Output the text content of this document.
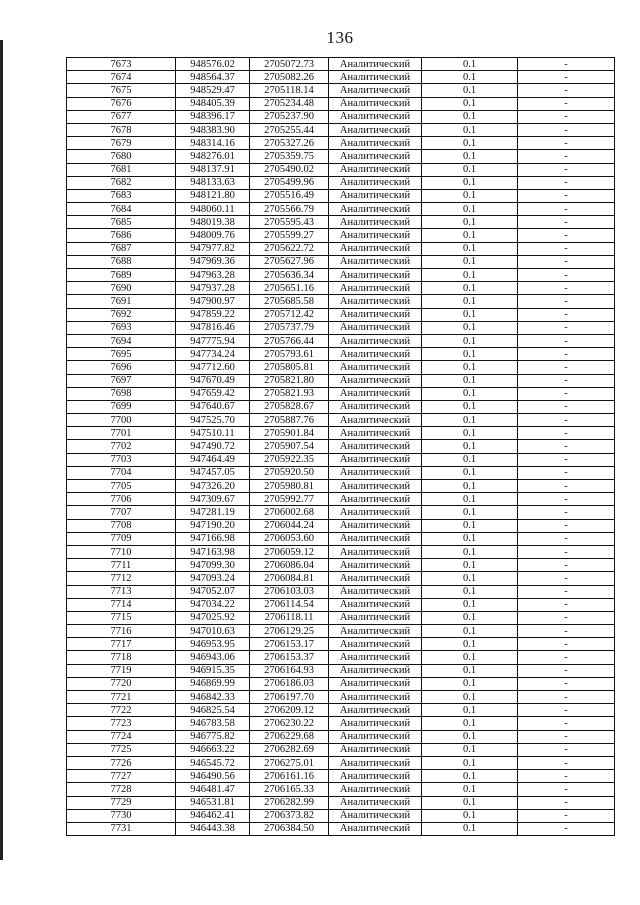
136
7673	948576.02	2705072.73	Аналитический	0.1	-
7674	948564.37	2705082.26	Аналитический	0.1	-
7675	948529.47	2705118.14	Аналитический	0.1	-
7676	948405.39	2705234.48	Аналитический	0.1	-
7677	948396.17	2705237.90	Аналитический	0.1	-
7678	948383.90	2705255.44	Аналитический	0.1	-
7679	948314.16	2705327.26	Аналитический	0.1	-
7680	948276.01	2705359.75	Аналитический	0.1	-
7681	948137.91	2705490.02	Аналитический	0.1	-
7682	948133.63	2705499.96	Аналитический	0.1	-
7683	948121.80	2705516.49	Аналитический	0.1	-
7684	948060.11	2705566.79	Аналитический	0.1	-
7685	948019.38	2705595.43	Аналитический	0.1	-
7686	948009.76	2705599.27	Аналитический	0.1	-
7687	947977.82	2705622.72	Аналитический	0.1	-
7688	947969.36	2705627.96	Аналитический	0.1	-
7689	947963.28	2705636.34	Аналитический	0.1	-
7690	947937.28	2705651.16	Аналитический	0.1	-
7691	947900.97	2705685.58	Аналитический	0.1	-
7692	947859.22	2705712.42	Аналитический	0.1	-
7693	947816.46	2705737.79	Аналитический	0.1	-
7694	947775.94	2705766.44	Аналитический	0.1	-
7695	947734.24	2705793.61	Аналитический	0.1	-
7696	947712.60	2705805.81	Аналитический	0.1	-
7697	947670.49	2705821.80	Аналитический	0.1	-
7698	947659.42	2705821.93	Аналитический	0.1	-
7699	947640.67	2705828.67	Аналитический	0.1	-
7700	947525.70	2705887.76	Аналитический	0.1	-
7701	947510.11	2705901.84	Аналитический	0.1	-
7702	947490.72	2705907.54	Аналитический	0.1	-
7703	947464.49	2705922.35	Аналитический	0.1	-
7704	947457.05	2705920.50	Аналитический	0.1	-
7705	947326.20	2705980.81	Аналитический	0.1	-
7706	947309.67	2705992.77	Аналитический	0.1	-
7707	947281.19	2706002.68	Аналитический	0.1	-
7708	947190.20	2706044.24	Аналитический	0.1	-
7709	947166.98	2706053.60	Аналитический	0.1	-
7710	947163.98	2706059.12	Аналитический	0.1	-
7711	947099.30	2706086.04	Аналитический	0.1	-
7712	947093.24	2706084.81	Аналитический	0.1	-
7713	947052.07	2706103.03	Аналитический	0.1	-
7714	947034.22	2706114.54	Аналитический	0.1	-
7715	947025.92	2706118.11	Аналитический	0.1	-
7716	947010.63	2706129.25	Аналитический	0.1	-
7717	946953.95	2706153.17	Аналитический	0.1	-
7718	946943.06	2706153.37	Аналитический	0.1	-
7719	946915.35	2706164.93	Аналитический	0.1	-
7720	946869.99	2706186.03	Аналитический	0.1	-
7721	946842.33	2706197.70	Аналитический	0.1	-
7722	946825.54	2706209.12	Аналитический	0.1	-
7723	946783.58	2706230.22	Аналитический	0.1	-
7724	946775.82	2706229.68	Аналитический	0.1	-
7725	946663.22	2706282.69	Аналитический	0.1	-
7726	946545.72	2706275.01	Аналитический	0.1	-
7727	946490.56	2706161.16	Аналитический	0.1	-
7728	946481.47	2706165.33	Аналитический	0.1	-
7729	946531.81	2706282.99	Аналитический	0.1	-
7730	946462.41	2706373.82	Аналитический	0.1	-
7731	946443.38	2706384.50	Аналитический	0.1	-
